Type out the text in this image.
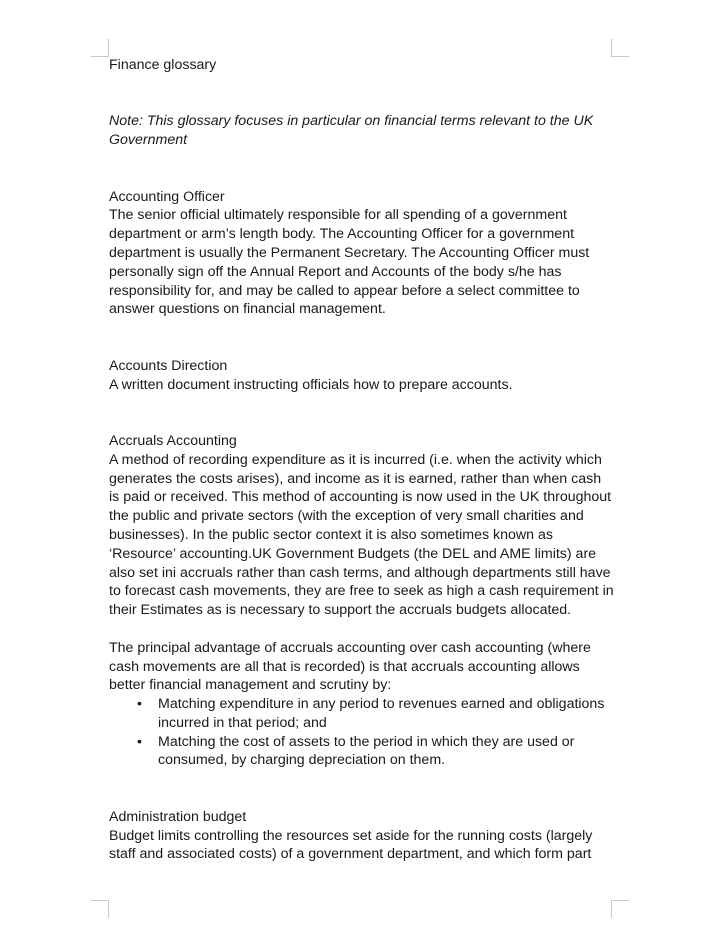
Finance glossary

Note: This glossary focuses in particular on financial terms relevant to the UK Government

Accounting Officer

The senior official ultimately responsible for all spending of a government department or arm’s length body. The Accounting Officer for a government department is usually the Permanent Secretary. The Accounting Officer must personally sign off the Annual Report and Accounts of the body s/he has responsibility for, and may be called to appear before a select committee to answer questions on financial management.

Accounts Direction

A written document instructing officials how to prepare accounts.

Accruals Accounting

A method of recording expenditure as it is incurred (i.e. when the activity which generates the costs arises), and income as it is earned, rather than when cash is paid or received. This method of accounting is now used in the UK throughout the public and private sectors (with the exception of very small charities and businesses). In the public sector context it is also sometimes known as ‘Resource’ accounting.UK Government Budgets (the DEL and AME limits) are also set ini accruals rather than cash terms, and although departments still have to forecast cash movements, they are free to seek as high a cash requirement in their Estimates as is necessary to support the accruals budgets allocated.

The principal advantage of accruals accounting over cash accounting (where cash movements are all that is recorded) is that accruals accounting allows better financial management and scrutiny by:

• Matching expenditure in any period to revenues earned and obligations incurred in that period; and
• Matching the cost of assets to the period in which they are used or consumed, by charging depreciation on them.

Administration budget

Budget limits controlling the resources set aside for the running costs (largely staff and associated costs) of a government department, and which form part
